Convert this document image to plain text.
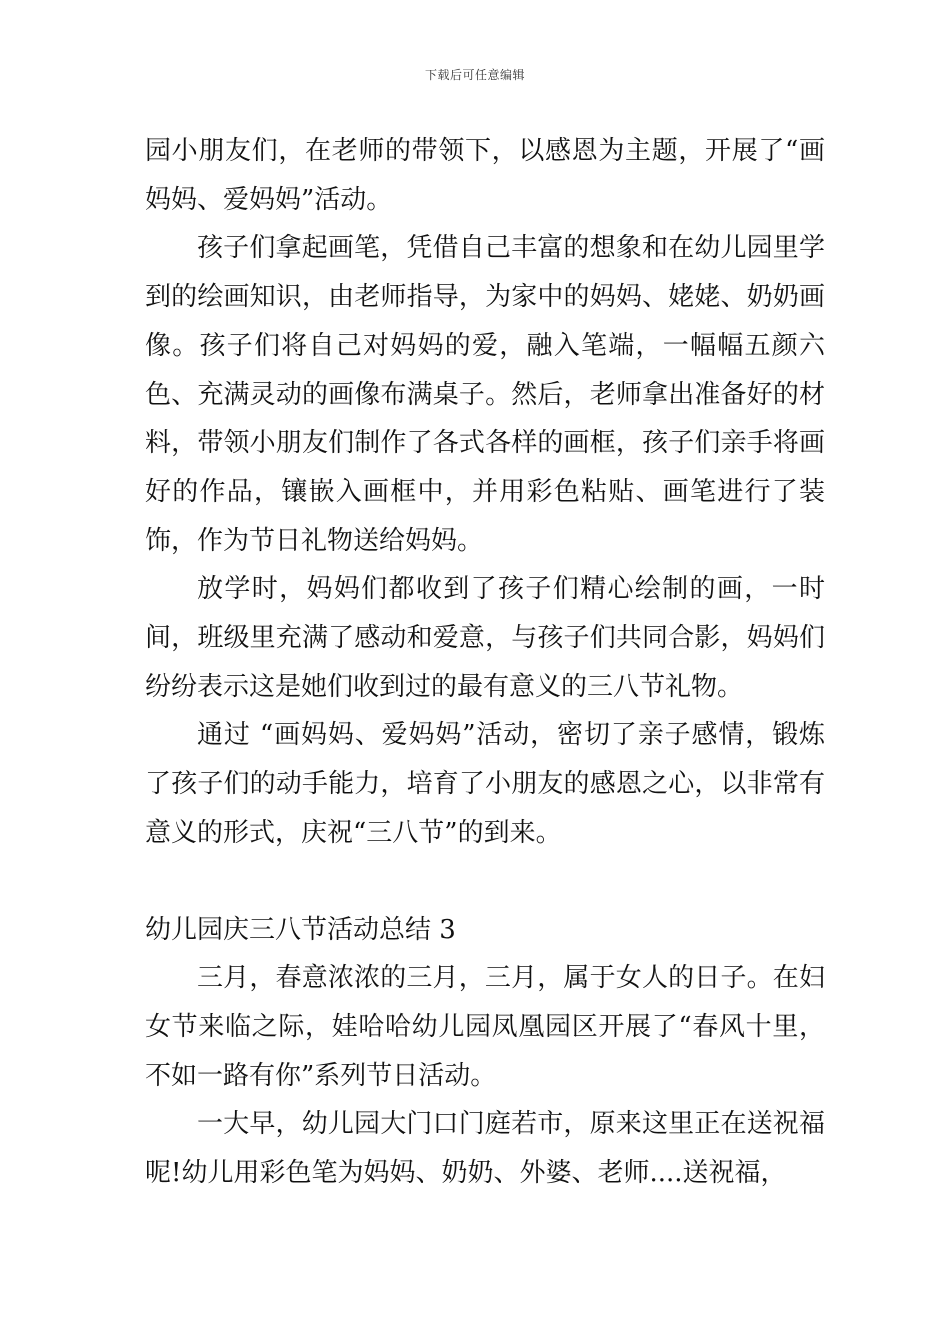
下载后可任意编辑

园小朋友们，在老师的带领下，以感恩为主题，开展了“画妈妈、爱妈妈”活动。

孩子们拿起画笔，凭借自己丰富的想象和在幼儿园里学到的绘画知识，由老师指导，为家中的妈妈、姥姥、奶奶画像。孩子们将自己对妈妈的爱，融入笔端，一幅幅五颜六色、充满灵动的画像布满桌子。然后，老师拿出准备好的材料，带领小朋友们制作了各式各样的画框，孩子们亲手将画好的作品，镶嵌入画框中，并用彩色粘贴、画笔进行了装饰，作为节日礼物送给妈妈。

放学时，妈妈们都收到了孩子们精心绘制的画，一时间，班级里充满了感动和爱意，与孩子们共同合影，妈妈们纷纷表示这是她们收到过的最有意义的三八节礼物。

通过 “画妈妈、爱妈妈”活动，密切了亲子感情，锻炼了孩子们的动手能力，培育了小朋友的感恩之心，以非常有意义的形式，庆祝“三八节”的到来。

幼儿园庆三八节活动总结 3

三月，春意浓浓的三月，三月，属于女人的日子。在妇女节来临之际，娃哈哈幼儿园凤凰园区开展了“春风十里，不如一路有你”系列节日活动。

一大早，幼儿园大门口门庭若市，原来这里正在送祝福呢!幼儿用彩色笔为妈妈、奶奶、外婆、老师....送祝福，
